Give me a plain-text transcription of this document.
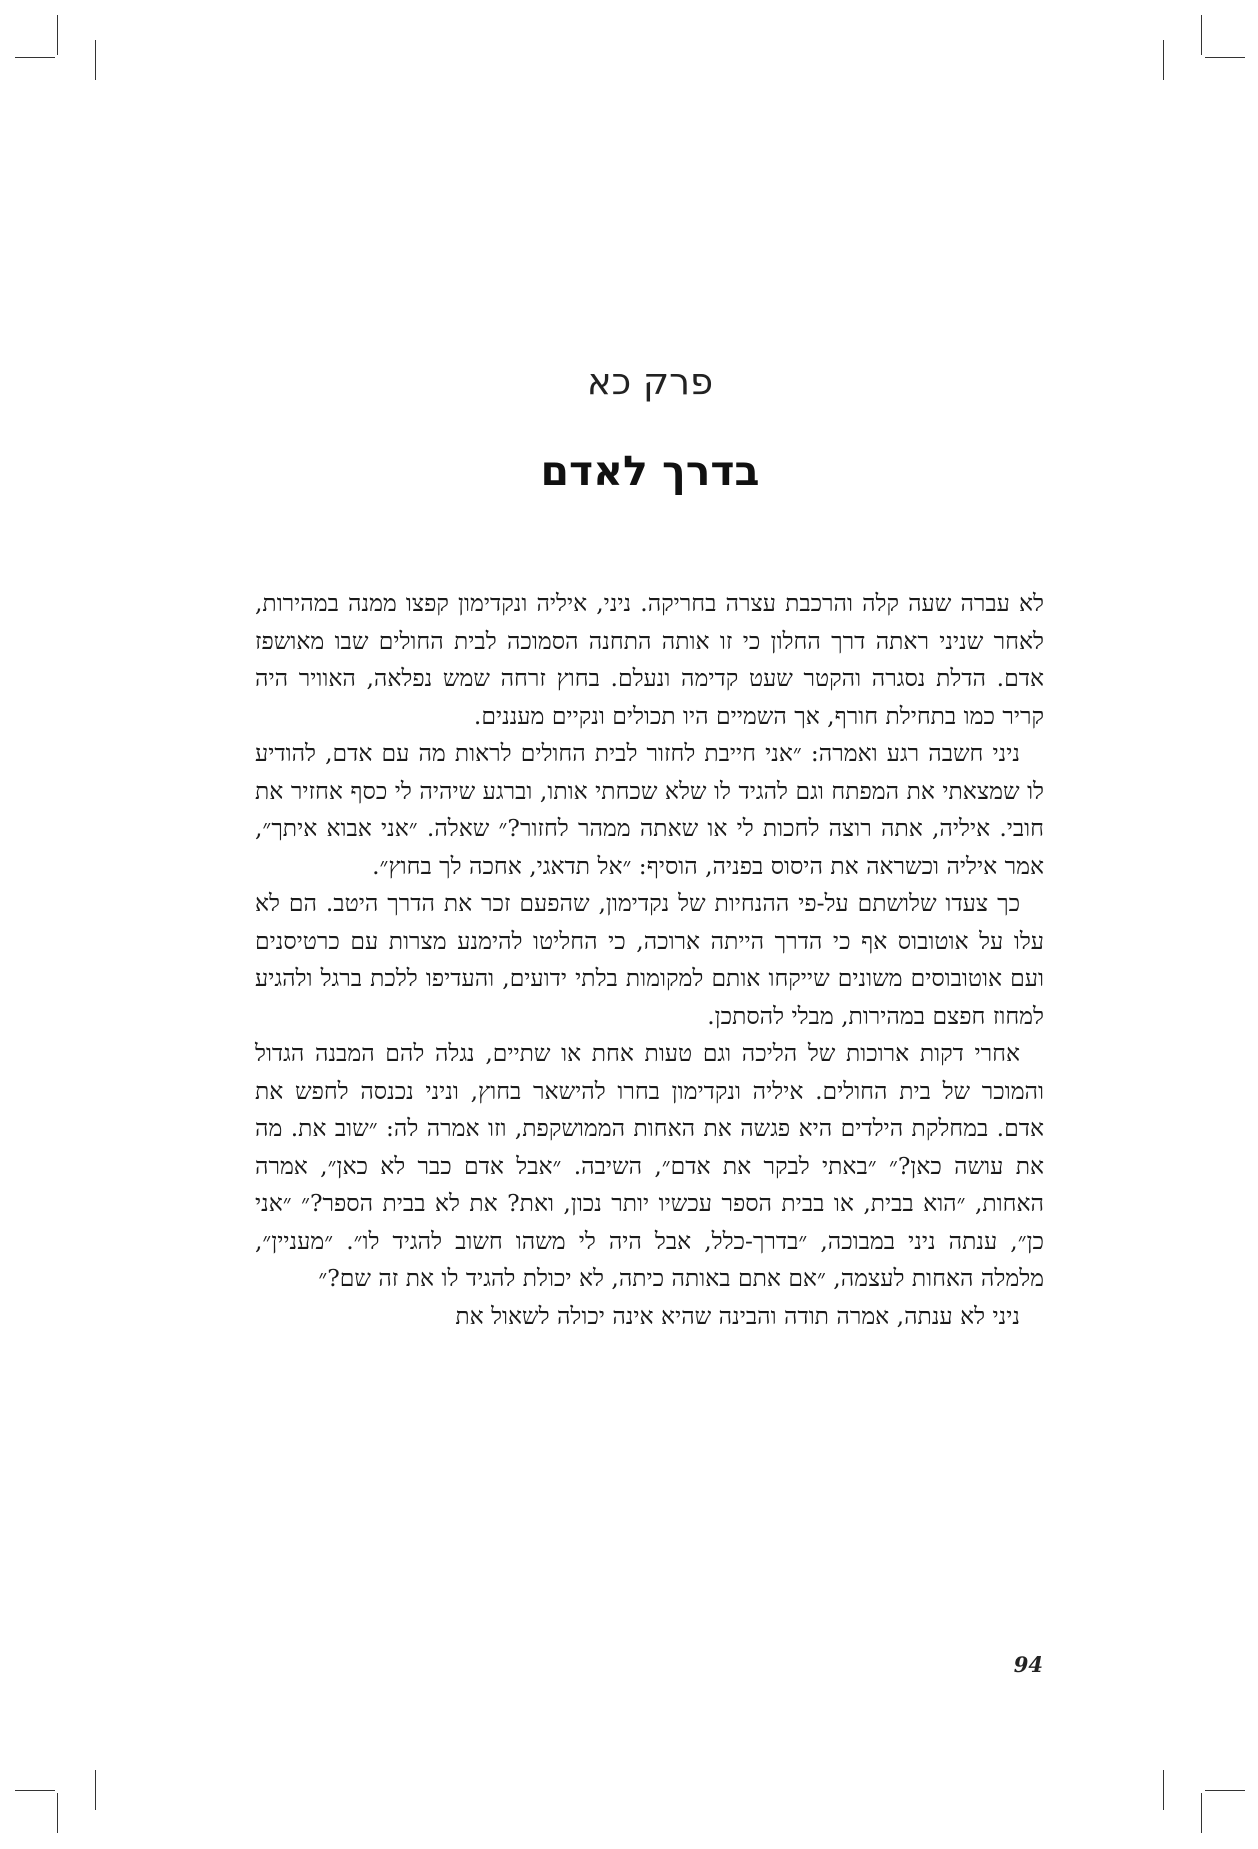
פרק כא
בדרך לאדם

לא עברה שעה קלה והרכבת עצרה בחריקה. ניני, איליה ונקדימון קפצו ממנה במהירות, לאחר שניני ראתה דרך החלון כי זו אותה התחנה הסמוכה לבית החולים שבו מאושפז אדם. הדלת נסגרה והקטר שעט קדימה ונעלם. בחוץ זרחה שמש נפלאה, האוויר היה קריר כמו בתחילת חורף, אך השמיים היו תכולים ונקיים מעננים.

ניני חשבה רגע ואמרה: ״אני חייבת לחזור לבית החולים לראות מה עם אדם, להודיע לו שמצאתי את המפתח וגם להגיד לו שלא שכחתי אותו, וברגע שיהיה לי כסף אחזיר את חובי. איליה, אתה רוצה לחכות לי או שאתה ממהר לחזור?״ שאלה. ״אני אבוא איתך״, אמר איליה וכשראה את היסוס בפניה, הוסיף: ״אל תדאגי, אחכה לך בחוץ״.

כך צעדו שלושתם על-פי ההנחיות של נקדימון, שהפעם זכר את הדרך היטב. הם לא עלו על אוטובוס אף כי הדרך הייתה ארוכה, כי החליטו להימנע מצרות עם כרטיסנים ועם אוטובוסים משונים שייקחו אותם למקומות בלתי ידועים, והעדיפו ללכת ברגל ולהגיע למחוז חפצם במהירות, מבלי להסתכן.

אחרי דקות ארוכות של הליכה וגם טעות אחת או שתיים, נגלה להם המבנה הגדול והמוכר של בית החולים. איליה ונקדימון בחרו להישאר בחוץ, וניני נכנסה לחפש את אדם. במחלקת הילדים היא פגשה את האחות הממושקפת, וזו אמרה לה: ״שוב את. מה את עושה כאן?״ ״באתי לבקר את אדם״, השיבה. ״אבל אדם כבר לא כאן״, אמרה האחות, ״הוא בבית, או בבית הספר עכשיו יותר נכון, ואת? את לא בבית הספר?״ ״אני כן״, ענתה ניני במבוכה, ״בדרך-כלל, אבל היה לי משהו חשוב להגיד לו״. ״מעניין״, מלמלה האחות לעצמה, ״אם אתם באותה כיתה, לא יכולת להגיד לו את זה שם?״

ניני לא ענתה, אמרה תודה והבינה שהיא אינה יכולה לשאול את

94
